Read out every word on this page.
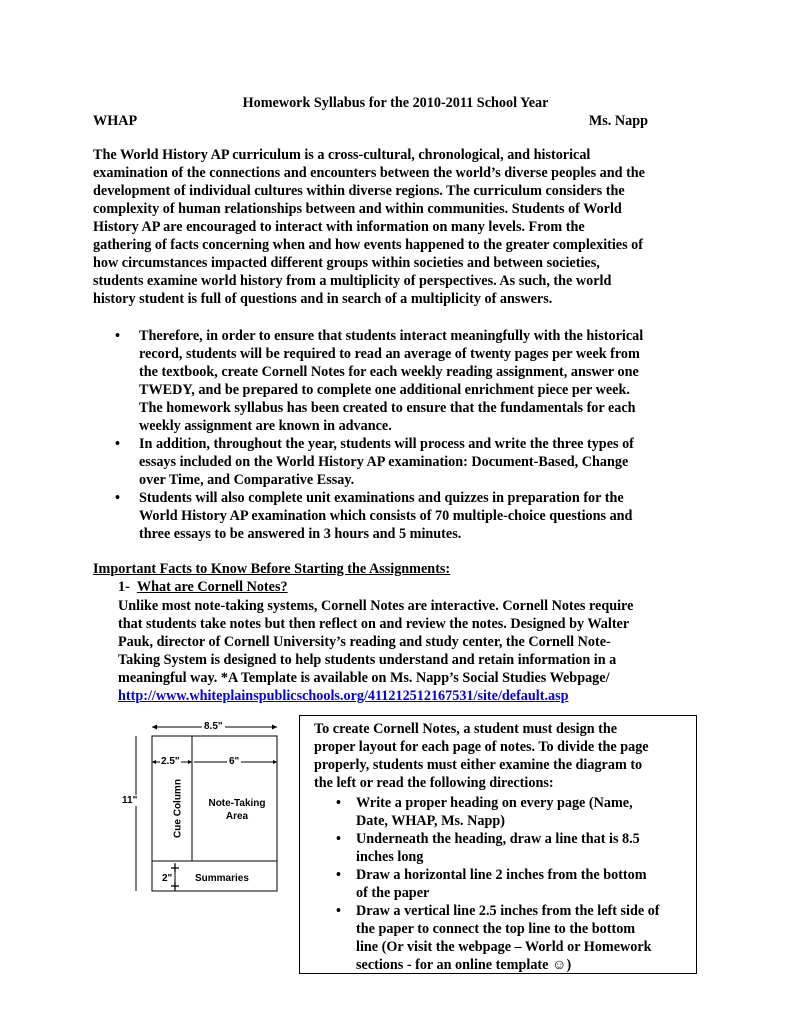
Homework Syllabus for the 2010-2011 School Year
WHAP	Ms. Napp
The World History AP curriculum is a cross-cultural, chronological, and historical
examination of the connections and encounters between the world’s diverse peoples and the
development of individual cultures within diverse regions. The curriculum considers the
complexity of human relationships between and within communities. Students of World
History AP are encouraged to interact with information on many levels. From the
gathering of facts concerning when and how events happened to the greater complexities of
how circumstances impacted different groups within societies and between societies,
students examine world history from a multiplicity of perspectives. As such, the world
history student is full of questions and in search of a multiplicity of answers.
• Therefore, in order to ensure that students interact meaningfully with the historical
record, students will be required to read an average of twenty pages per week from
the textbook, create Cornell Notes for each weekly reading assignment, answer one
TWEDY, and be prepared to complete one additional enrichment piece per week.
The homework syllabus has been created to ensure that the fundamentals for each
weekly assignment are known in advance.
• In addition, throughout the year, students will process and write the three types of
essays included on the World History AP examination: Document-Based, Change
over Time, and Comparative Essay.
• Students will also complete unit examinations and quizzes in preparation for the
World History AP examination which consists of 70 multiple-choice questions and
three essays to be answered in 3 hours and 5 minutes.
Important Facts to Know Before Starting the Assignments:
1- What are Cornell Notes?
Unlike most note-taking systems, Cornell Notes are interactive. Cornell Notes require
that students take notes but then reflect on and review the notes. Designed by Walter
Pauk, director of Cornell University’s reading and study center, the Cornell Note-
Taking System is designed to help students understand and retain information in a
meaningful way. *A Template is available on Ms. Napp’s Social Studies Webpage/
http://www.whiteplainspublicschools.org/411212512167531/site/default.asp
8.5"
2.5"	6"
11"	Cue Column	Note-Taking
Area
2" Summaries
To create Cornell Notes, a student must design the
proper layout for each page of notes. To divide the page
properly, students must either examine the diagram to
the left or read the following directions:
• Write a proper heading on every page (Name,
Date, WHAP, Ms. Napp)
• Underneath the heading, draw a line that is 8.5
inches long
• Draw a horizontal line 2 inches from the bottom
of the paper
• Draw a vertical line 2.5 inches from the left side of
the paper to connect the top line to the bottom
line (Or visit the webpage – World or Homework
sections - for an online template ☺)
